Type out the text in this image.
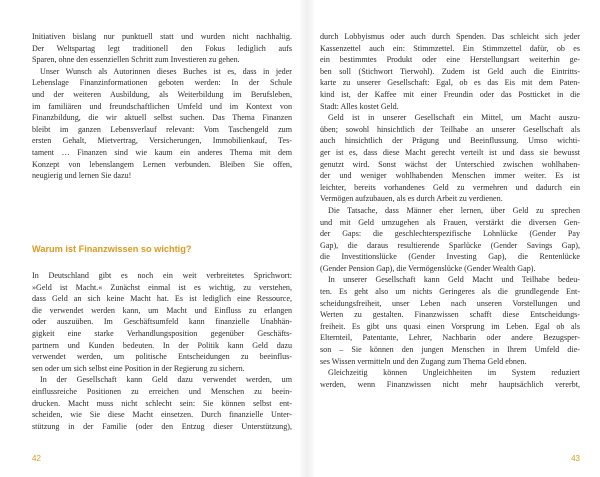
Initiativen bislang nur punktuell statt und wurden nicht nachhaltig.
Der Weltspartag legt traditionell den Fokus lediglich aufs
Sparen, ohne den essenziellen Schritt zum Investieren zu gehen.
Unser Wunsch als Autorinnen dieses Buches ist es, dass in jeder
Lebenslage Finanzinformationen geboten werden: In der Schule
und der weiteren Ausbildung, als Weiterbildung im Berufsleben,
im familiären und freundschaftlichen Umfeld und im Kontext von
Finanzbildung, die wir aktuell selbst suchen. Das Thema Finanzen
bleibt im ganzen Lebensverlauf relevant: Vom Taschengeld zum
ersten Gehalt, Mietvertrag, Versicherungen, Immobilienkauf, Tes-
tament … Finanzen sind wie kaum ein anderes Thema mit dem
Konzept von lebenslangem Lernen verbunden. Bleiben Sie offen,
neugierig und lernen Sie dazu!
Warum ist Finanzwissen so wichtig?
In Deutschland gibt es noch ein weit verbreitetes Sprichwort:
»Geld ist Macht.« Zunächst einmal ist es wichtig, zu verstehen,
dass Geld an sich keine Macht hat. Es ist lediglich eine Ressource,
die verwendet werden kann, um Macht und Einfluss zu erlangen
oder auszuüben. Im Geschäftsumfeld kann finanzielle Unabhän-
gigkeit eine starke Verhandlungsposition gegenüber Geschäfts-
partnern und Kunden bedeuten. In der Politik kann Geld dazu
verwendet werden, um politische Entscheidungen zu beeinflus-
sen oder um sich selbst eine Position in der Regierung zu sichern.
In der Gesellschaft kann Geld dazu verwendet werden, um
einflussreiche Positionen zu erreichen und Menschen zu beein-
drucken. Macht muss nicht schlecht sein: Sie können selbst ent-
scheiden, wie Sie diese Macht einsetzen. Durch finanzielle Unter-
stützung in der Familie (oder den Entzug dieser Unterstützung),
42
durch Lobbyismus oder auch durch Spenden. Das schleicht sich jeder
Kassenzettel auch ein: Stimmzettel. Ein Stimmzettel dafür, ob es
ein bestimmtes Produkt oder eine Herstellungsart weiterhin ge-
ben soll (Stichwort Tierwohl). Zudem ist Geld auch die Eintritts-
karte zu unserer Gesellschaft: Egal, ob es das Eis mit dem Paten-
kind ist, der Kaffee mit einer Freundin oder das Postticket in die
Stadt: Alles kostet Geld.
Geld ist in unserer Gesellschaft ein Mittel, um Macht auszu-
üben; sowohl hinsichtlich der Teilhabe an unserer Gesellschaft als
auch hinsichtlich der Prägung und Beeinflussung. Umso wichti-
ger ist es, dass diese Macht gerecht verteilt ist und dass sie bewusst
genutzt wird. Sonst wächst der Unterschied zwischen wohlhaben-
der und weniger wohlhabenden Menschen immer weiter. Es ist
leichter, bereits vorhandenes Geld zu vermehren und dadurch ein
Vermögen aufzubauen, als es durch Arbeit zu verdienen.
Die Tatsache, dass Männer eher lernen, über Geld zu sprechen
und mit Geld umzugehen als Frauen, verstärkt die diversen Gen-
der Gaps: die geschlechterspezifische Lohnlücke (Gender Pay
Gap), die daraus resultierende Sparlücke (Gender Savings Gap),
die Investitionslücke (Gender Investing Gap), die Rentenlücke
(Gender Pension Gap), die Vermögenslücke (Gender Wealth Gap).
In unserer Gesellschaft kann Geld Macht und Teilhabe bedeu-
ten. Es geht also um nichts Geringeres als die grundlegende Ent-
scheidungsfreiheit, unser Leben nach unseren Vorstellungen und
Werten zu gestalten. Finanzwissen schafft diese Entscheidungs-
freiheit. Es gibt uns quasi einen Vorsprung im Leben. Egal ob als
Elternteil, Patentante, Lehrer, Nachbarin oder andere Bezugsper-
son – Sie können den jungen Menschen in Ihrem Umfeld die-
ses Wissen vermitteln und den Zugang zum Thema Geld ebnen.
Gleichzeitig können Ungleichheiten im System reduziert
werden, wenn Finanzwissen nicht mehr hauptsächlich vererbt,
43
